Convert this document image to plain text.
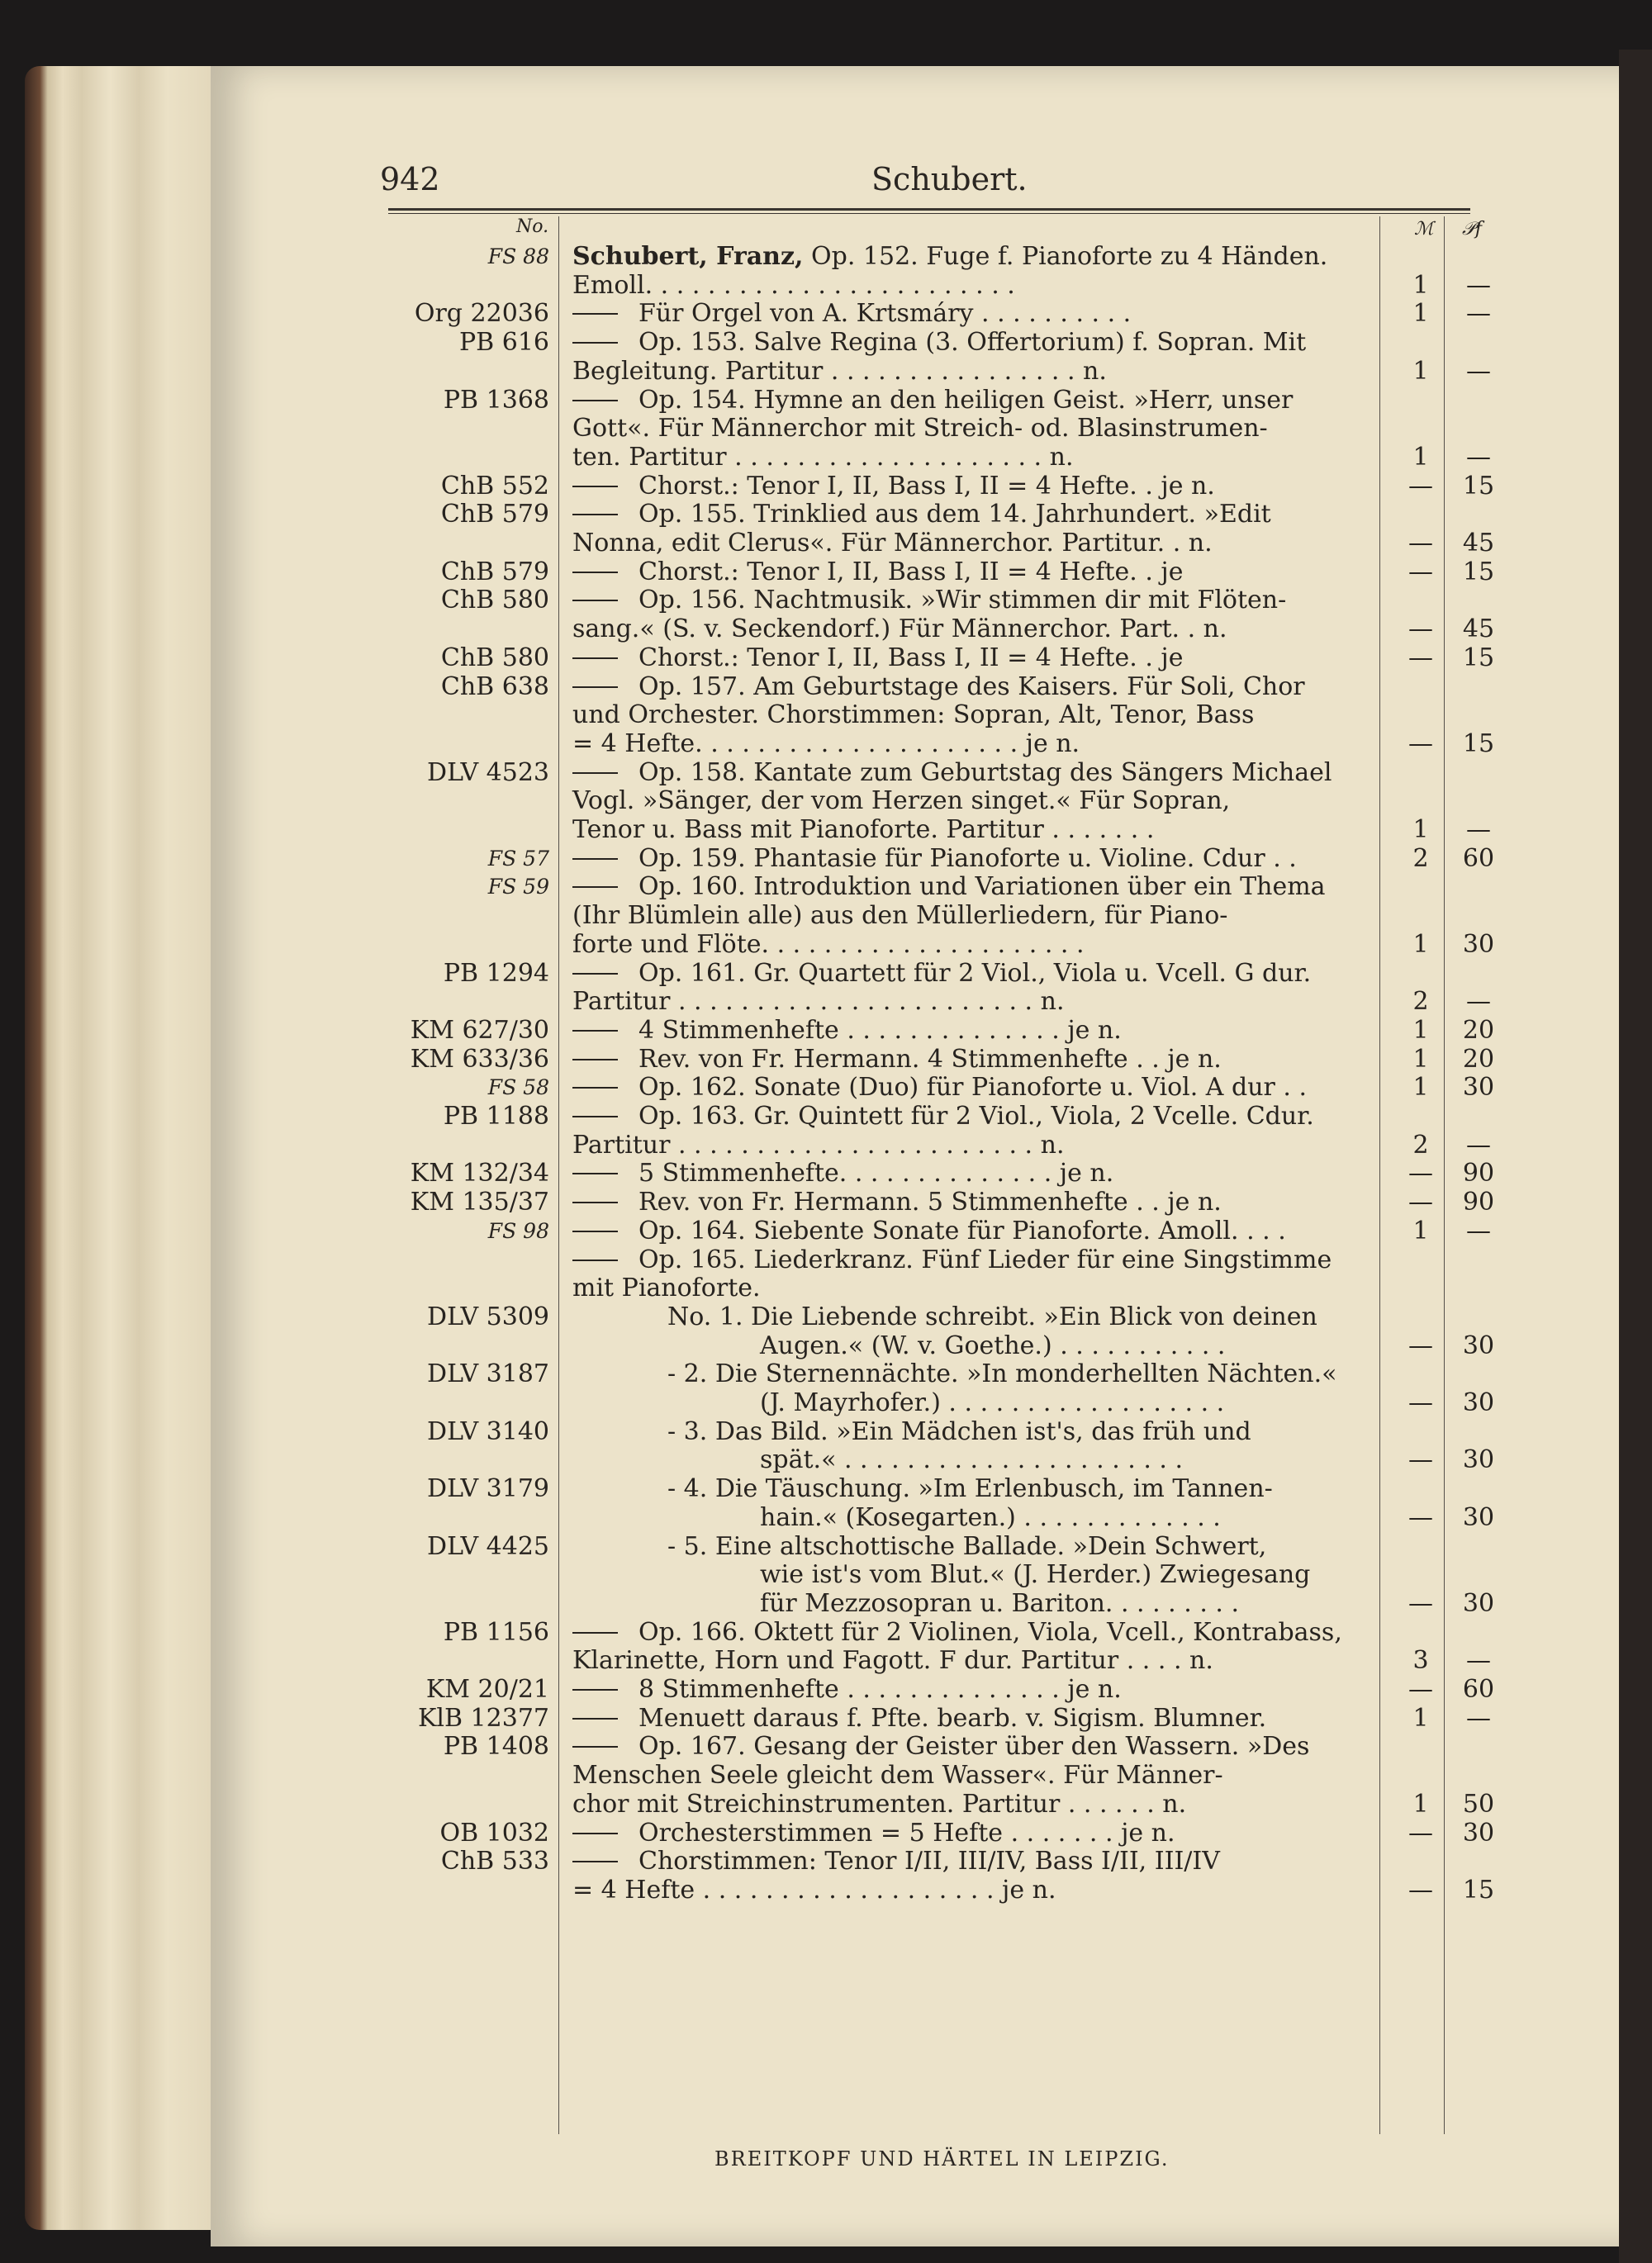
942	Schubert.
No.	ℳ 𝒫f
FS 88 Schubert, Franz, Op. 152. Fuge f. Pianoforte zu 4 Händen.
Emoll. . . . . . . . . . . . . . . . . . . . . . . .	1	—
Org 22036	Für Orgel von A. Krtsmáry . . . . . . . . . .	1	—
PB 616	Op. 153. Salve Regina (3. Offertorium) f. Sopran. Mit
Begleitung. Partitur . . . . . . . . . . . . . . . . n.	1	—
PB 1368	Op. 154. Hymne an den heiligen Geist. »Herr, unser
Gott«. Für Männerchor mit Streich- od. Blasinstrumen-
ten. Partitur . . . . . . . . . . . . . . . . . . . . n.	1	—
ChB 552	Chorst.: Tenor I, II, Bass I, II = 4 Hefte. . je n.	—	15
ChB 579	Op. 155. Trinklied aus dem 14. Jahrhundert. »Edit
Nonna, edit Clerus«. Für Männerchor. Partitur. . n.	—	45
ChB 579	Chorst.: Tenor I, II, Bass I, II = 4 Hefte. . je	—	15
ChB 580	Op. 156. Nachtmusik. »Wir stimmen dir mit Flöten-
sang.« (S. v. Seckendorf.) Für Männerchor. Part. . n.	—	45
ChB 580	Chorst.: Tenor I, II, Bass I, II = 4 Hefte. . je	—	15
ChB 638	Op. 157. Am Geburtstage des Kaisers. Für Soli, Chor
und Orchester. Chorstimmen: Sopran, Alt, Tenor, Bass
= 4 Hefte. . . . . . . . . . . . . . . . . . . . . je n.	—	15
DLV 4523	Op. 158. Kantate zum Geburtstag des Sängers Michael
Vogl. »Sänger, der vom Herzen singet.« Für Sopran,
Tenor u. Bass mit Pianoforte. Partitur . . . . . . .	1	—
FS 57	Op. 159. Phantasie für Pianoforte u. Violine. Cdur . .	2	60
FS 59	Op. 160. Introduktion und Variationen über ein Thema
(Ihr Blümlein alle) aus den Müllerliedern, für Piano-
forte und Flöte. . . . . . . . . . . . . . . . . . . . .	1	30
PB 1294	Op. 161. Gr. Quartett für 2 Viol., Viola u. Vcell. G dur.
Partitur . . . . . . . . . . . . . . . . . . . . . . . n.	2	—
KM 627/30	4 Stimmenhefte . . . . . . . . . . . . . . je n.	1	20
KM 633/36	Rev. von Fr. Hermann. 4 Stimmenhefte . . je n.	1	20
FS 58	Op. 162. Sonate (Duo) für Pianoforte u. Viol. A dur . .	1	30
PB 1188	Op. 163. Gr. Quintett für 2 Viol., Viola, 2 Vcelle. Cdur.
Partitur . . . . . . . . . . . . . . . . . . . . . . . n.	2	—
KM 132/34	5 Stimmenhefte. . . . . . . . . . . . . . je n.	—	90
KM 135/37	Rev. von Fr. Hermann. 5 Stimmenhefte . . je n.	—	90
FS 98	Op. 164. Siebente Sonate für Pianoforte. Amoll. . . .	1	—
Op. 165. Liederkranz. Fünf Lieder für eine Singstimme
mit Pianoforte.
DLV 5309	No. 1. Die Liebende schreibt. »Ein Blick von deinen
Augen.« (W. v. Goethe.) . . . . . . . . . . .	—	30
DLV 3187	- 2. Die Sternennächte. »In monderhellten Nächten.«
(J. Mayrhofer.) . . . . . . . . . . . . . . . . . .	—	30
DLV 3140	- 3. Das Bild. »Ein Mädchen ist's, das früh und
spät.« . . . . . . . . . . . . . . . . . . . . . .	—	30
DLV 3179	- 4. Die Täuschung. »Im Erlenbusch, im Tannen-
hain.« (Kosegarten.) . . . . . . . . . . . . .	—	30
DLV 4425	- 5. Eine altschottische Ballade. »Dein Schwert,
wie ist's vom Blut.« (J. Herder.) Zwiegesang
für Mezzosopran u. Bariton. . . . . . . . .	—	30
PB 1156	Op. 166. Oktett für 2 Violinen, Viola, Vcell., Kontrabass,
Klarinette, Horn und Fagott. F dur. Partitur . . . . n.	3	—
KM 20/21	8 Stimmenhefte . . . . . . . . . . . . . . je n.	—	60
KlB 12377	Menuett daraus f. Pfte. bearb. v. Sigism. Blumner.	1	—
PB 1408	Op. 167. Gesang der Geister über den Wassern. »Des
Menschen Seele gleicht dem Wasser«. Für Männer-
chor mit Streichinstrumenten. Partitur . . . . . . n.	1	50
OB 1032	Orchesterstimmen = 5 Hefte . . . . . . . je n.	—	30
ChB 533	Chorstimmen: Tenor I/II, III/IV, Bass I/II, III/IV
= 4 Hefte . . . . . . . . . . . . . . . . . . . je n.	—	15
BREITKOPF UND HÄRTEL IN LEIPZIG.
